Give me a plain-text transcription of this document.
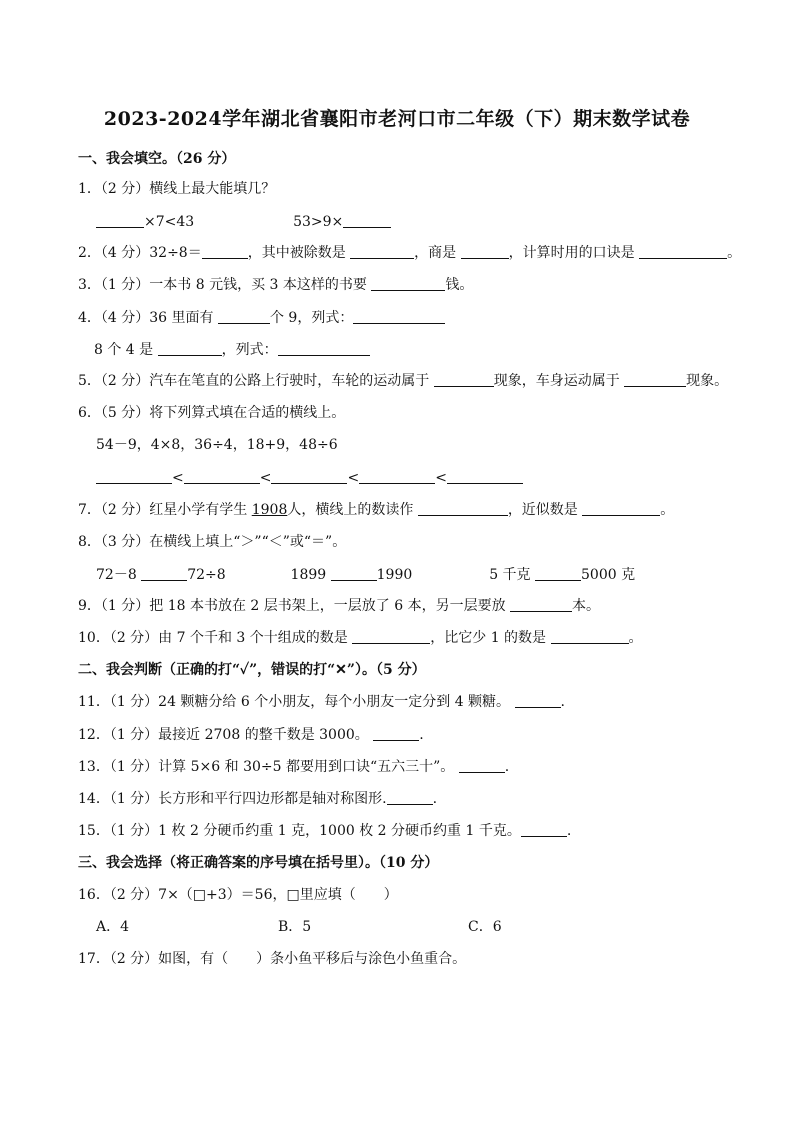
2023-2024学年湖北省襄阳市老河口市二年级（下）期末数学试卷
一、我会填空。（26 分）
1．（2 分）横线上最大能填几？
×7<43	53>9×
2．（4 分）32÷8＝	，其中被除数是	，商是	，计算时用的口诀是	。
3．（1 分）一本书 8 元钱，买 3 本这样的书要	钱。
4．（4 分）36 里面有	个 9，列式：
8 个 4 是	，列式：
5．（2 分）汽车在笔直的公路上行驶时，车轮的运动属于	现象，车身运动属于	现象。
6．（5 分）将下列算式填在合适的横线上。
54－9，4×8，36÷4，18+9，48÷6
<	<	<	<
7．（2 分）红星小学有学生 1908人，横线上的数读作	，近似数是	。
8．（3 分）在横线上填上“＞”“＜”或“＝”。
72－8	72÷8	1899	1990	5 千克	5000 克
9．（1 分）把 18 本书放在 2 层书架上，一层放了 6 本，另一层要放	本。
10．（2 分）由 7 个千和 3 个十组成的数是	，比它少 1 的数是	。
二、我会判断（正确的打“✓”，错误的打“✕”）。（5 分）
11．（1 分）24 颗糖分给 6 个小朋友，每个小朋友一定分到 4 颗糖。	.
12．（1 分）最接近 2708 的整千数是 3000。	.
13．（1 分）计算 5×6 和 30÷5 都要用到口诀“五六三十”。	.
14．（1 分）长方形和平行四边形都是轴对称图形.	.
15．（1 分）1 枚 2 分硬币约重 1 克，1000 枚 2 分硬币约重 1 千克。	.
三、我会选择（将正确答案的序号填在括号里）。（10 分）
16．（2 分）7×（□+3）＝56，□里应填（　　）
A．4	B．5	C．6
17．（2 分）如图，有（　　）条小鱼平移后与涂色小鱼重合。
